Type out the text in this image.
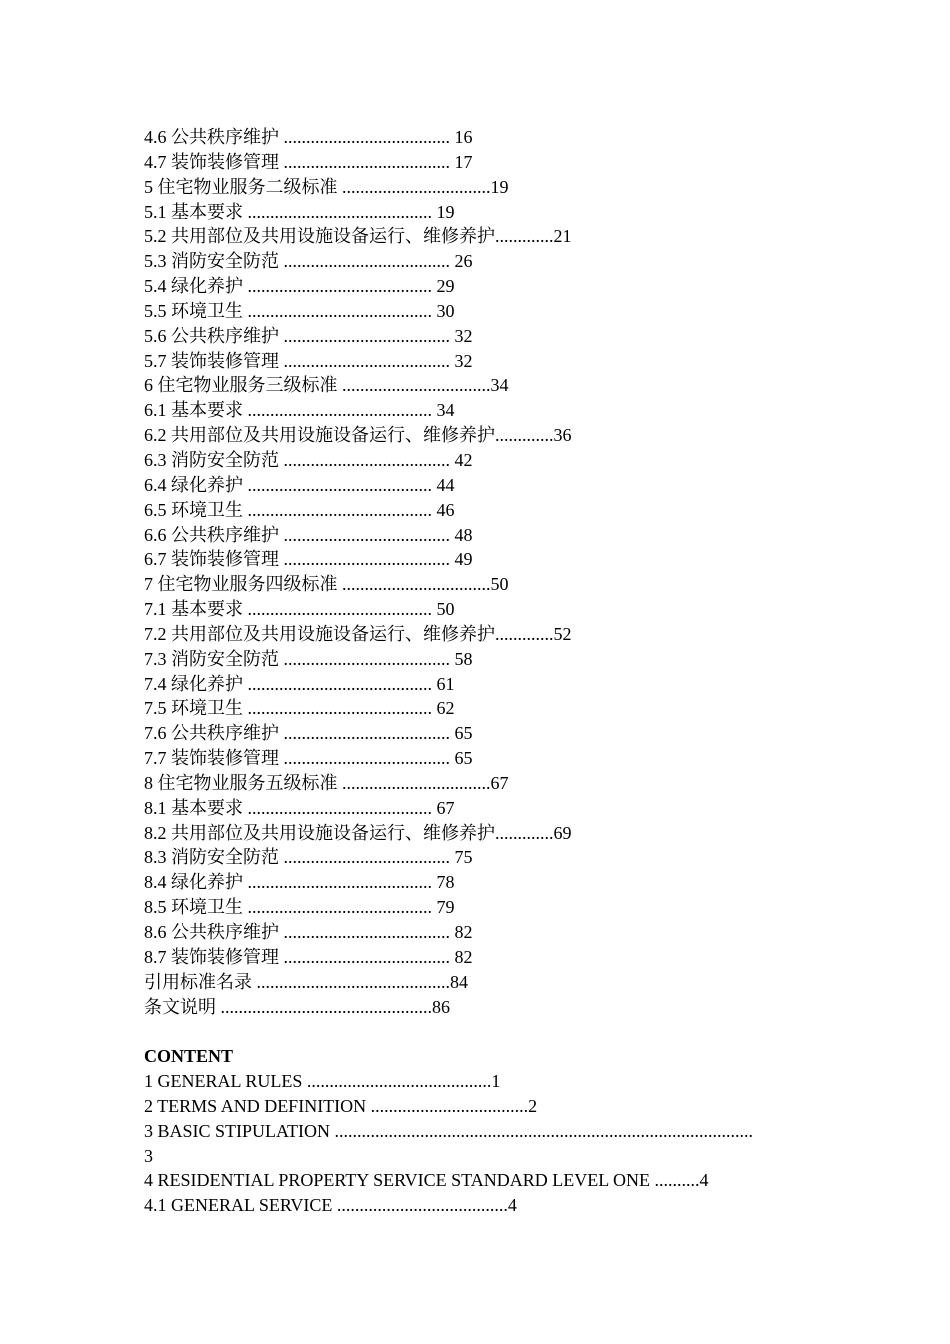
4.6 公共秩序维护 ..................................... 16
4.7 装饰装修管理 ..................................... 17
5 住宅物业服务二级标准 .................................19
5.1 基本要求 ......................................... 19
5.2 共用部位及共用设施设备运行、维修养护.............21
5.3 消防安全防范 ..................................... 26
5.4 绿化养护 ......................................... 29
5.5 环境卫生 ......................................... 30
5.6 公共秩序维护 ..................................... 32
5.7 装饰装修管理 ..................................... 32
6 住宅物业服务三级标准 .................................34
6.1 基本要求 ......................................... 34
6.2 共用部位及共用设施设备运行、维修养护.............36
6.3 消防安全防范 ..................................... 42
6.4 绿化养护 ......................................... 44
6.5 环境卫生 ......................................... 46
6.6 公共秩序维护 ..................................... 48
6.7 装饰装修管理 ..................................... 49
7 住宅物业服务四级标准 .................................50
7.1 基本要求 ......................................... 50
7.2 共用部位及共用设施设备运行、维修养护.............52
7.3 消防安全防范 ..................................... 58
7.4 绿化养护 ......................................... 61
7.5 环境卫生 ......................................... 62
7.6 公共秩序维护 ..................................... 65
7.7 装饰装修管理 ..................................... 65
8 住宅物业服务五级标准 .................................67
8.1 基本要求 ......................................... 67
8.2 共用部位及共用设施设备运行、维修养护.............69
8.3 消防安全防范 ..................................... 75
8.4 绿化养护 ......................................... 78
8.5 环境卫生 ......................................... 79
8.6 公共秩序维护 ..................................... 82
8.7 装饰装修管理 ..................................... 82
引用标准名录 ...........................................84
条文说明 ...............................................86
CONTENT
1 GENERAL RULES .........................................1
2 TERMS AND DEFINITION ...................................2
3 BASIC STIPULATION .............................................................................................
3
4 RESIDENTIAL PROPERTY SERVICE STANDARD LEVEL ONE ..........4
4.1 GENERAL SERVICE ......................................4
